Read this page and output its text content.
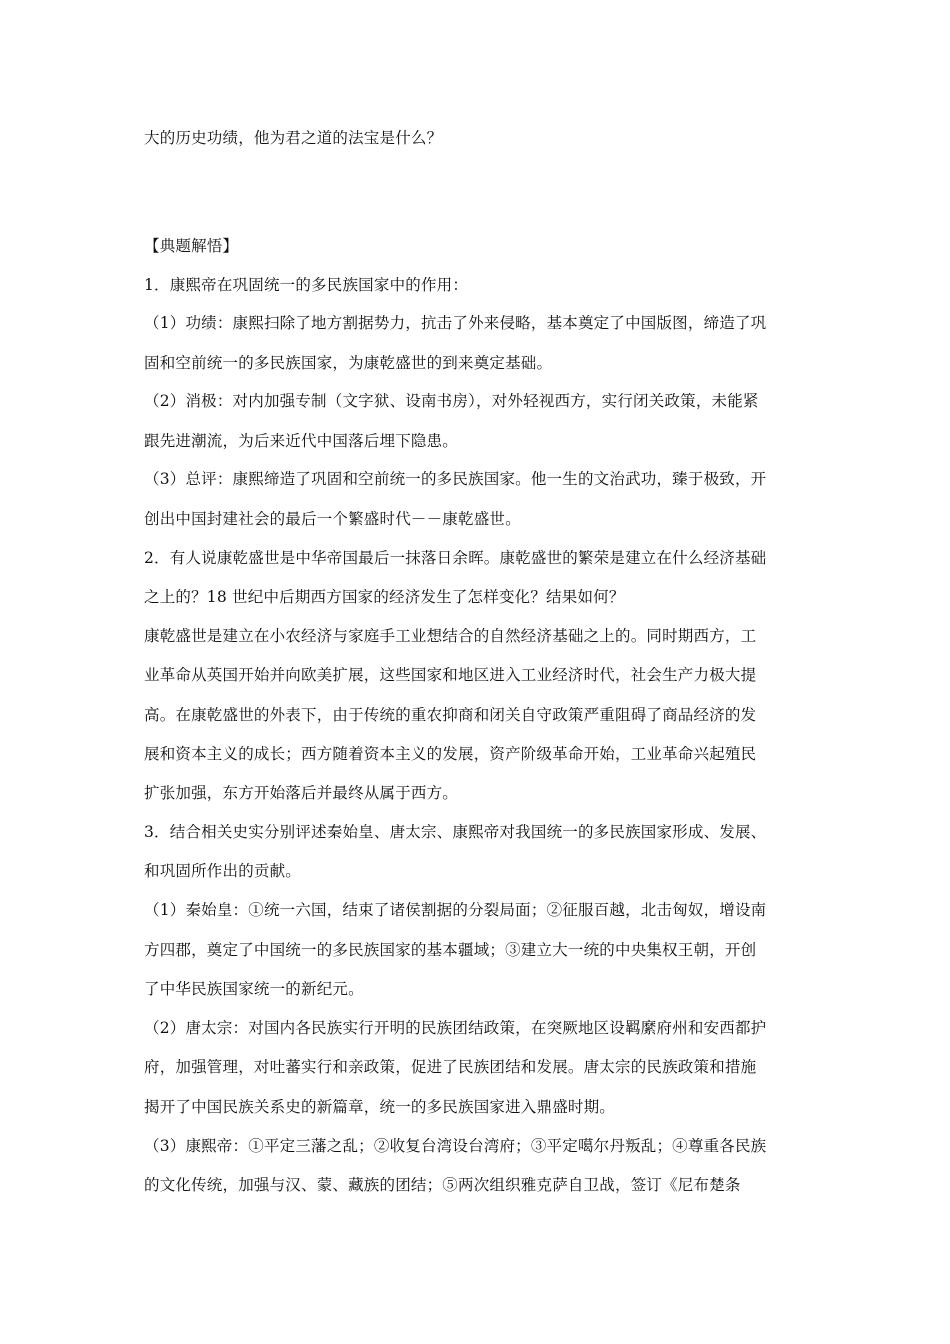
大的历史功绩，他为君之道的法宝是什么？
【典题解悟】
1．康熙帝在巩固统一的多民族国家中的作用：
（1）功绩：康熙扫除了地方割据势力，抗击了外来侵略，基本奠定了中国版图，缔造了巩
固和空前统一的多民族国家，为康乾盛世的到来奠定基础。
（2）消极：对内加强专制（文字狱、设南书房），对外轻视西方，实行闭关政策，未能紧
跟先进潮流，为后来近代中国落后埋下隐患。
（3）总评：康熙缔造了巩固和空前统一的多民族国家。他一生的文治武功，臻于极致，开
创出中国封建社会的最后一个繁盛时代－－康乾盛世。
2．有人说康乾盛世是中华帝国最后一抹落日余晖。康乾盛世的繁荣是建立在什么经济基础
之上的？18 世纪中后期西方国家的经济发生了怎样变化？结果如何？
康乾盛世是建立在小农经济与家庭手工业想结合的自然经济基础之上的。同时期西方，工
业革命从英国开始并向欧美扩展，这些国家和地区进入工业经济时代，社会生产力极大提
高。在康乾盛世的外表下，由于传统的重农抑商和闭关自守政策严重阻碍了商品经济的发
展和资本主义的成长；西方随着资本主义的发展，资产阶级革命开始，工业革命兴起殖民
扩张加强，东方开始落后并最终从属于西方。
3．结合相关史实分别评述秦始皇、唐太宗、康熙帝对我国统一的多民族国家形成、发展、
和巩固所作出的贡献。
（1）秦始皇：①统一六国，结束了诸侯割据的分裂局面；②征服百越，北击匈奴，增设南
方四郡，奠定了中国统一的多民族国家的基本疆域；③建立大一统的中央集权王朝，开创
了中华民族国家统一的新纪元。
（2）唐太宗：对国内各民族实行开明的民族团结政策，在突厥地区设羁縻府州和安西都护
府，加强管理，对吐蕃实行和亲政策，促进了民族团结和发展。唐太宗的民族政策和措施
揭开了中国民族关系史的新篇章，统一的多民族国家进入鼎盛时期。
（3）康熙帝：①平定三藩之乱；②收复台湾设台湾府；③平定噶尔丹叛乱；④尊重各民族
的文化传统，加强与汉、蒙、藏族的团结；⑤两次组织雅克萨自卫战，签订《尼布楚条
